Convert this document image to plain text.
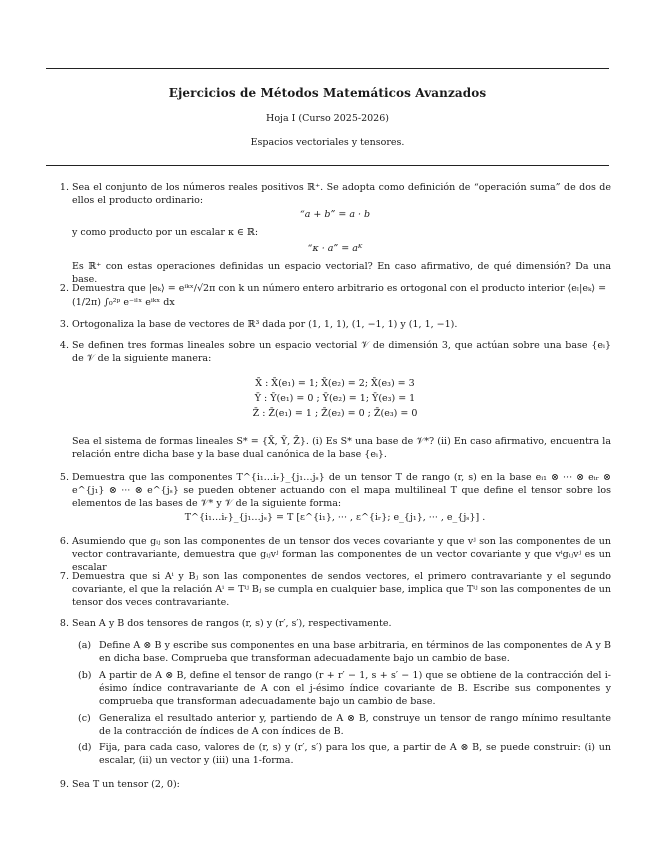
Ejercicios de Métodos Matemáticos Avanzados
Hoja I (Curso 2025-2026)
Espacios vectoriales y tensores.
1. Sea el conjunto de los números reales positivos ℝ⁺. Se adopta como definición de “operación suma” de dos de ellos el producto ordinario:
“a + b” = a · b
y como producto por un escalar κ ∈ ℝ:
“κ · a” = aᴷ
Es ℝ⁺ con estas operaciones definidas un espacio vectorial? En caso afirmativo, de qué dimensión? Da una base.
2. Demuestra que |eₖ⟩ = eⁱᵏˣ/√2π con k un número entero arbitrario es ortogonal con el producto interior ⟨eₗ|eₖ⟩ =
(1/2π) ∫₀²ᵖ e⁻ⁱˡˣ eⁱᵏˣ dx
3. Ortogonaliza la base de vectores de ℝ³ dada por (1, 1, 1), (1, −1, 1) y (1, 1, −1).
4. Se definen tres formas lineales sobre un espacio vectorial 𝒱 de dimensión 3, que actúan sobre una base {eᵢ} de 𝒱 de la siguiente manera:
X̄ : X̄(e₁) = 1; X̄(e₂) = 2; X̄(e₃) = 3
Ȳ : Ȳ(e₁) = 0 ; Ȳ(e₂) = 1; Ȳ(e₃) = 1
Z̄ : Z̄(e₁) = 1 ; Z̄(e₂) = 0 ; Z̄(e₃) = 0
Sea el sistema de formas lineales S* = {X̄, Ȳ, Z̄}. (i) Es S* una base de 𝒱*? (ii) En caso afirmativo, encuentra la relación entre dicha base y la base dual canónica de la base {eᵢ}.
5. Demuestra que las componentes T^{i₁…iᵣ}_{j₁…jₛ} de un tensor T de rango (r, s) en la base eᵢ₁ ⊗ ··· ⊗ eᵢᵣ ⊗ e^{j₁} ⊗ ··· ⊗ e^{jₛ} se pueden obtener actuando con el mapa multilineal T que define el tensor sobre los elementos de las bases de 𝒱* y 𝒱 de la siguiente forma:
T^{i₁…iᵣ}_{j₁…jₛ} = T [ε^{i₁}, ··· , ε^{iᵣ}; e_{j₁}, ··· , e_{jₛ}] .
6. Asumiendo que gᵢⱼ son las componentes de un tensor dos veces covariante y que vʲ son las componentes de un vector contravariante, demuestra que gᵢⱼvʲ forman las componentes de un vector covariante y que vⁱgᵢⱼvʲ es un escalar
7. Demuestra que si Aⁱ y Bⱼ son las componentes de sendos vectores, el primero contravariante y el segundo covariante, el que la relación Aⁱ = Tⁱʲ Bⱼ se cumpla en cualquier base, implica que Tⁱʲ son las componentes de un tensor dos veces contravariante.
8. Sean A y B dos tensores de rangos (r, s) y (r′, s′), respectivamente.
(a) Define A ⊗ B y escribe sus componentes en una base arbitraria, en términos de las componentes de A y B en dicha base. Comprueba que transforman adecuadamente bajo un cambio de base.
(b) A partir de A ⊗ B, define el tensor de rango (r + r′ − 1, s + s′ − 1) que se obtiene de la contracción del i-ésimo índice contravariante de A con el j-ésimo índice covariante de B. Escribe sus componentes y comprueba que transforman adecuadamente bajo un cambio de base.
(c) Generaliza el resultado anterior y, partiendo de A ⊗ B, construye un tensor de rango mínimo resultante de la contracción de índices de A con índices de B.
(d) Fija, para cada caso, valores de (r, s) y (r′, s′) para los que, a partir de A ⊗ B, se puede construir: (i) un escalar, (ii) un vector y (iii) una 1-forma.
9. Sea T un tensor (2, 0):
